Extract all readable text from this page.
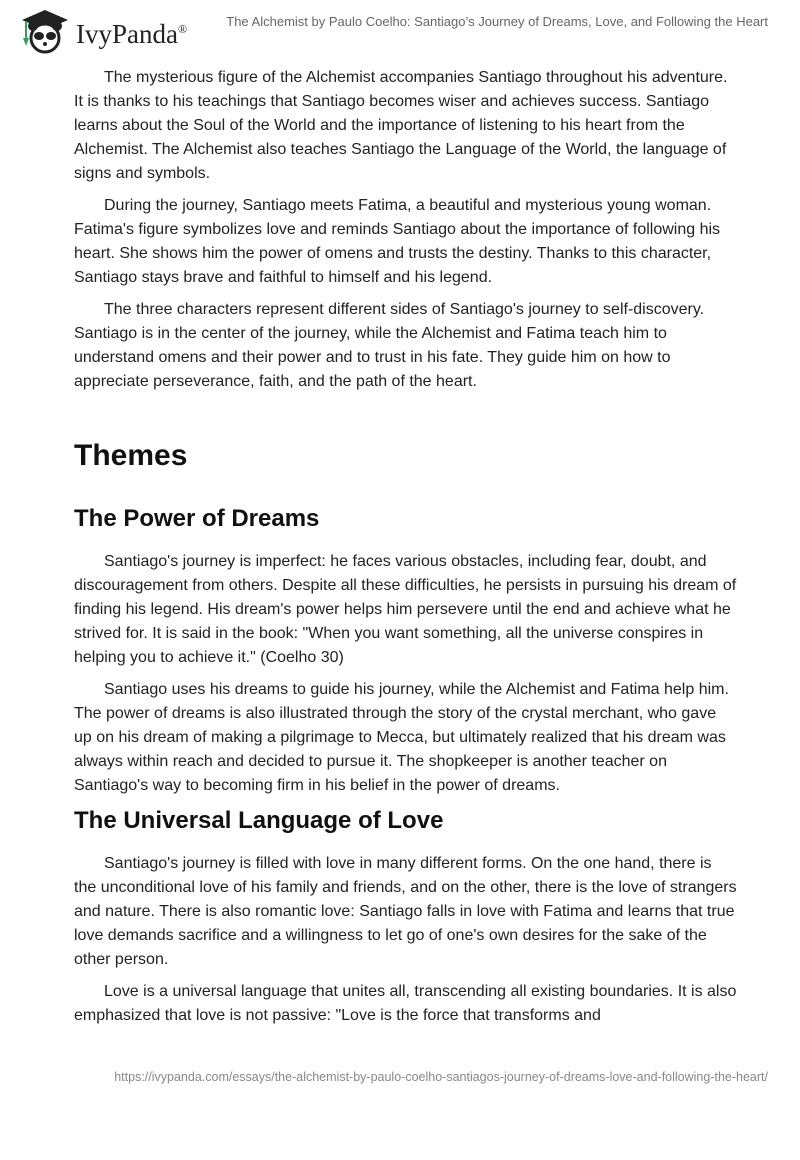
IvyPanda®	The Alchemist by Paulo Coelho: Santiago’s Journey of Dreams, Love, and Following the Heart

The mysterious figure of the Alchemist accompanies Santiago throughout his adventure. It is thanks to his teachings that Santiago becomes wiser and achieves success. Santiago learns about the Soul of the World and the importance of listening to his heart from the Alchemist. The Alchemist also teaches Santiago the Language of the World, the language of signs and symbols.

During the journey, Santiago meets Fatima, a beautiful and mysterious young woman. Fatima's figure symbolizes love and reminds Santiago about the importance of following his heart. She shows him the power of omens and trusts the destiny. Thanks to this character, Santiago stays brave and faithful to himself and his legend.

The three characters represent different sides of Santiago's journey to self-discovery. Santiago is in the center of the journey, while the Alchemist and Fatima teach him to understand omens and their power and to trust in his fate. They guide him on how to appreciate perseverance, faith, and the path of the heart.

Themes
The Power of Dreams

Santiago's journey is imperfect: he faces various obstacles, including fear, doubt, and discouragement from others. Despite all these difficulties, he persists in pursuing his dream of finding his legend. His dream's power helps him persevere until the end and achieve what he strived for. It is said in the book: "When you want something, all the universe conspires in helping you to achieve it." (Coelho 30)

Santiago uses his dreams to guide his journey, while the Alchemist and Fatima help him. The power of dreams is also illustrated through the story of the crystal merchant, who gave up on his dream of making a pilgrimage to Mecca, but ultimately realized that his dream was always within reach and decided to pursue it. The shopkeeper is another teacher on Santiago's way to becoming firm in his belief in the power of dreams.

The Universal Language of Love

Santiago's journey is filled with love in many different forms. On the one hand, there is the unconditional love of his family and friends, and on the other, there is the love of strangers and nature. There is also romantic love: Santiago falls in love with Fatima and learns that true love demands sacrifice and a willingness to let go of one's own desires for the sake of the other person.

Love is a universal language that unites all, transcending all existing boundaries. It is also emphasized that love is not passive: "Love is the force that transforms and

https://ivypanda.com/essays/the-alchemist-by-paulo-coelho-santiagos-journey-of-dreams-love-and-following-the-heart/
